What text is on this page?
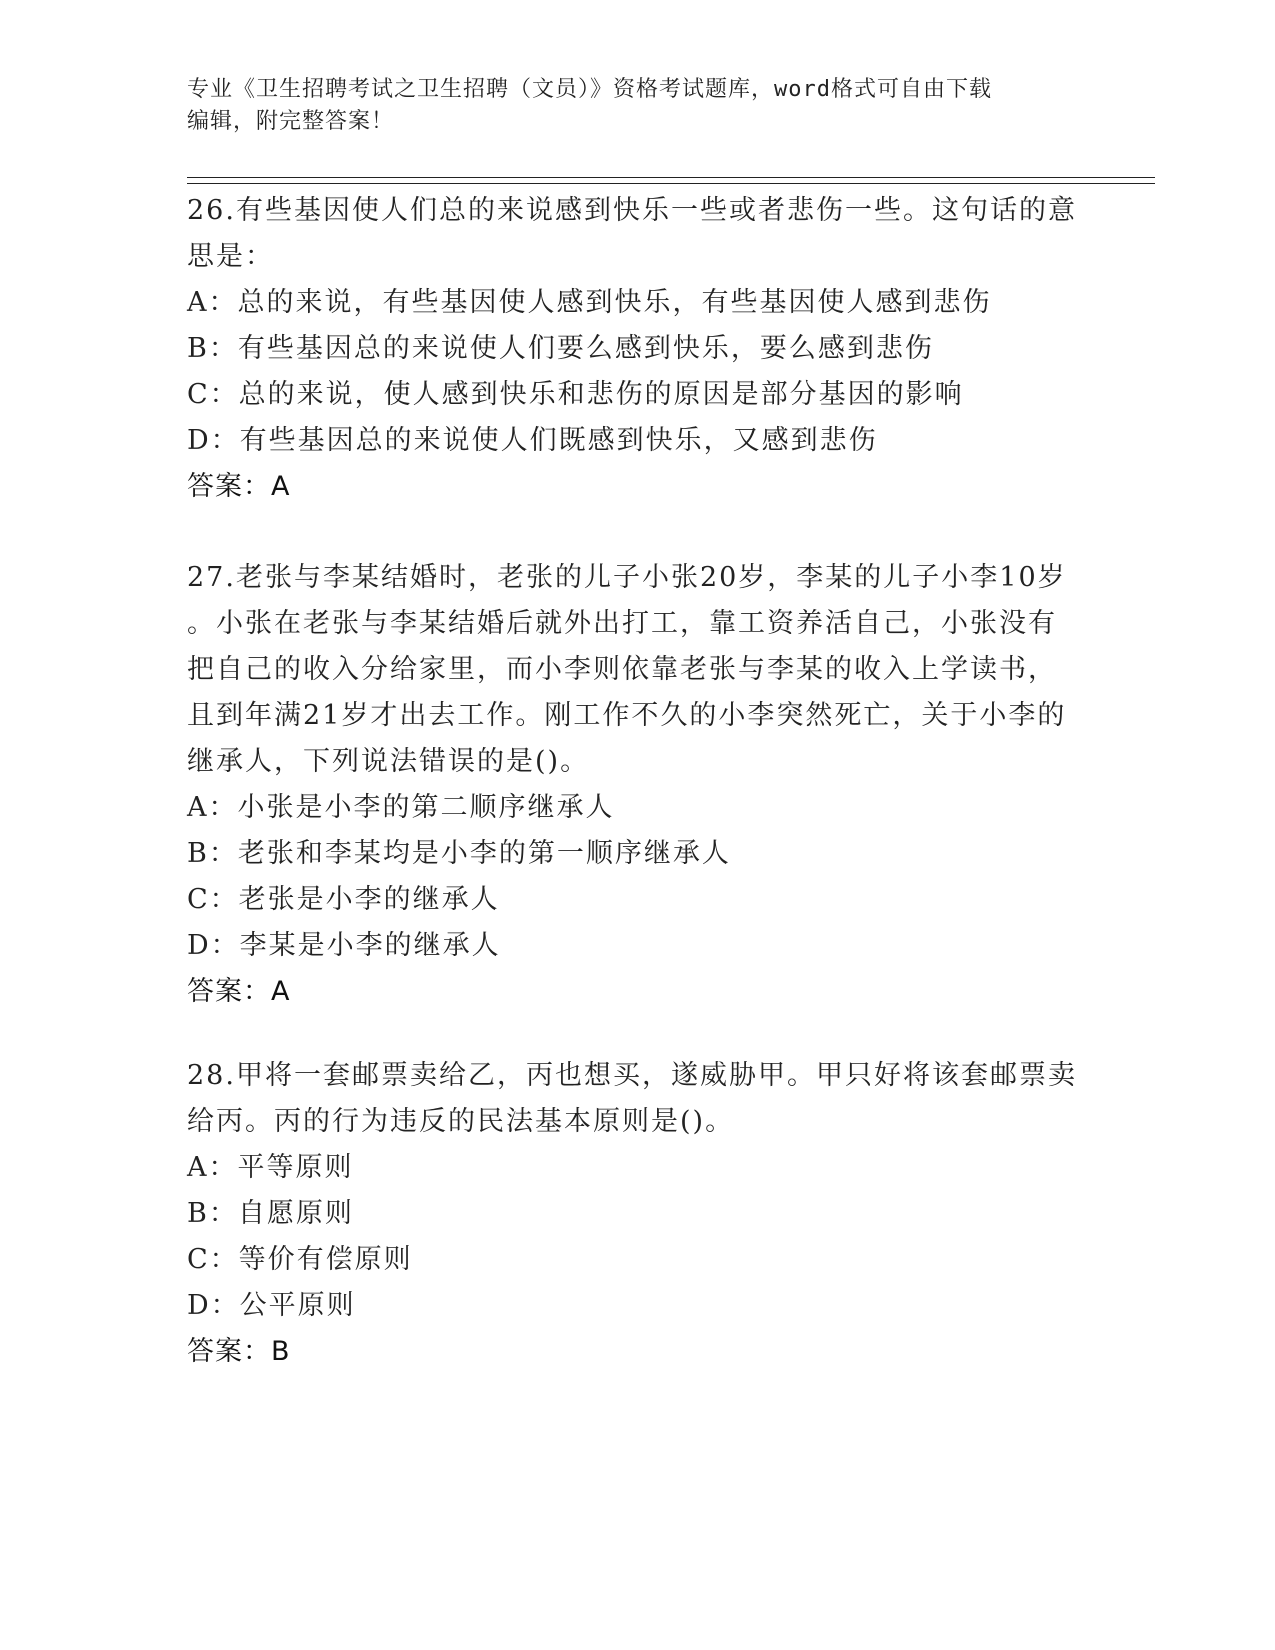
专业《卫生招聘考试之卫生招聘（文员）》资格考试题库，word格式可自由下载
编辑，附完整答案！
26.有些基因使人们总的来说感到快乐一些或者悲伤一些。这句话的意
思是：
A：总的来说，有些基因使人感到快乐，有些基因使人感到悲伤
B：有些基因总的来说使人们要么感到快乐，要么感到悲伤
C：总的来说，使人感到快乐和悲伤的原因是部分基因的影响
D：有些基因总的来说使人们既感到快乐，又感到悲伤
答案：A
27.老张与李某结婚时，老张的儿子小张20岁，李某的儿子小李10岁
。小张在老张与李某结婚后就外出打工，靠工资养活自己，小张没有
把自己的收入分给家里，而小李则依靠老张与李某的收入上学读书，
且到年满21岁才出去工作。刚工作不久的小李突然死亡，关于小李的
继承人，下列说法错误的是()。
A：小张是小李的第二顺序继承人
B：老张和李某均是小李的第一顺序继承人
C：老张是小李的继承人
D：李某是小李的继承人
答案：A
28.甲将一套邮票卖给乙，丙也想买，遂威胁甲。甲只好将该套邮票卖
给丙。丙的行为违反的民法基本原则是()。
A：平等原则
B：自愿原则
C：等价有偿原则
D：公平原则
答案：B
